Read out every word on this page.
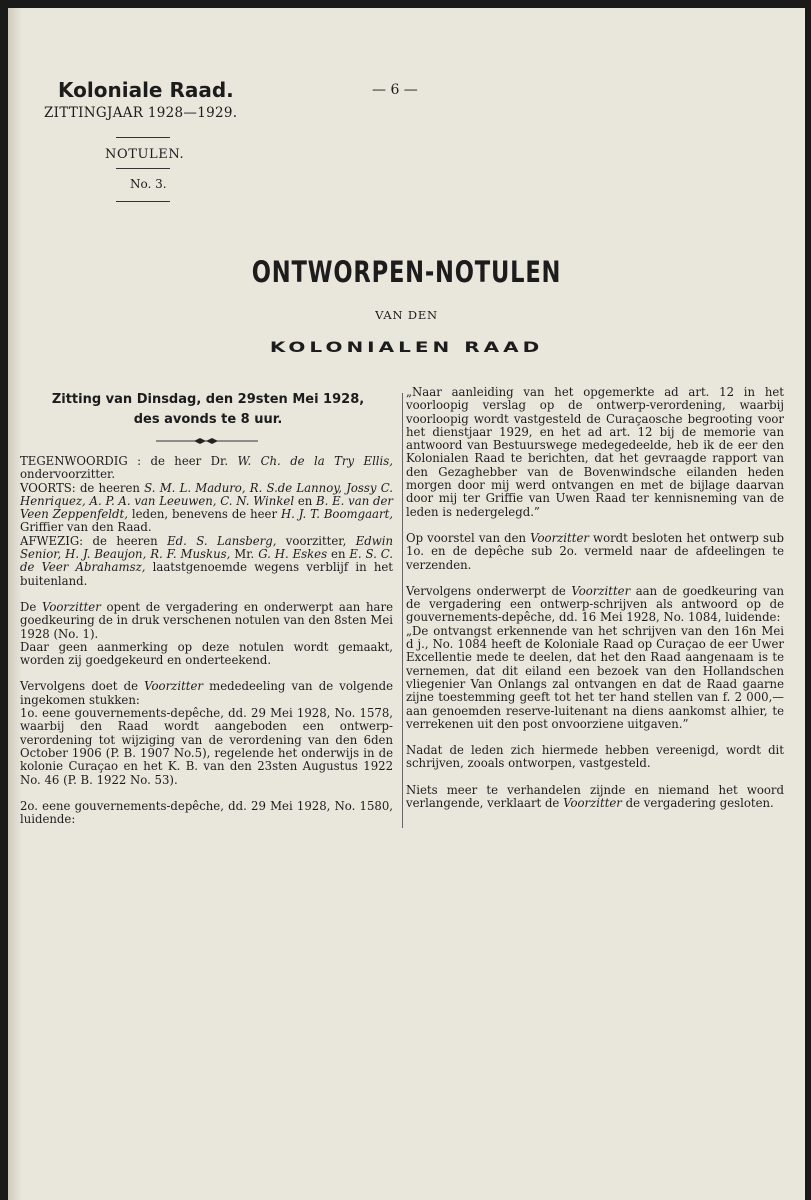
Koloniale Raad.
ZITTINGJAAR 1928—1929.
NOTULEN.
No. 3.
— 6 —
ONTWORPEN-NOTULEN
VAN DEN
KOLONIALEN RAAD
Zitting van Dinsdag, den 29sten Mei 1928,
des avonds te 8 uur.

TEGENWOORDIG : de heer Dr. W. Ch. de la Try Ellis, ondervoorzitter.

VOORTS: de heeren S. M. L. Maduro, R. S.de Lannoy, Jossy C. Henriquez, A. P. A. van Leeuwen, C. N. Winkel en B. E. van der Veen Zeppenfeldt, leden, benevens de heer H. J. T. Boomgaart, Griffier van den Raad.

AFWEZIG: de heeren Ed. S. Lansberg, voorzitter, Edwin Senior, H. J. Beaujon, R. F. Muskus, Mr. G. H. Eskes en E. S. C. de Veer Abrahamsz, laatstgenoemde wegens verblijf in het buitenland.

De Voorzitter opent de vergadering en onderwerpt aan hare goedkeuring de in druk verschenen notulen van den 8sten Mei 1928 (No. 1).

Daar geen aanmerking op deze notulen wordt gemaakt, worden zij goedgekeurd en onderteekend.

Vervolgens doet de Voorzitter mededeeling van de volgende ingekomen stukken:

1o. eene gouvernements-depêche, dd. 29 Mei 1928, No. 1578, waarbij den Raad wordt aangeboden een ontwerp-verordening tot wijziging van de verordening van den 6den October 1906 (P. B. 1907 No.5), regelende het onderwijs in de kolonie Curaçao en het K. B. van den 23sten Augustus 1922 No. 46 (P. B. 1922 No. 53).

2o. eene gouvernements-depêche, dd. 29 Mei 1928, No. 1580, luidende:

„Naar aanleiding van het opgemerkte ad art. 12 in het voorloopig verslag op de ontwerp-verordening, waarbij voorloopig wordt vastgesteld de Curaçaosche begrooting voor het dienstjaar 1929, en het ad art. 12 bij de memorie van antwoord van Bestuurswege medegedeelde, heb ik de eer den Kolonialen Raad te berichten, dat het gevraagde rapport van den Gezaghebber van de Bovenwindsche eilanden heden morgen door mij werd ontvangen en met de bijlage daarvan door mij ter Griffie van Uwen Raad ter kennisneming van de leden is nedergelegd.”

Op voorstel van den Voorzitter wordt besloten het ontwerp sub 1o. en de depêche sub 2o. vermeld naar de afdeelingen te verzenden.

Vervolgens onderwerpt de Voorzitter aan de goedkeuring van de vergadering een ontwerp-schrijven als antwoord op de gouvernements-depêche, dd. 16 Mei 1928, No. 1084, luidende:

„De ontvangst erkennende van het schrijven van den 16n Mei d j., No. 1084 heeft de Koloniale Raad op Curaçao de eer Uwer Excellentie mede te deelen, dat het den Raad aangenaam is te vernemen, dat dit eiland een bezoek van den Hollandschen vliegenier Van Onlangs zal ontvangen en dat de Raad gaarne zijne toestemming geeft tot het ter hand stellen van f. 2 000,— aan genoemden reserve-luitenant na diens aankomst alhier, te verrekenen uit den post onvoorziene uitgaven.”

Nadat de leden zich hiermede hebben vereenigd, wordt dit schrijven, zooals ontworpen, vastgesteld.

Niets meer te verhandelen zijnde en niemand het woord verlangende, verklaart de Voorzitter de vergadering gesloten.
